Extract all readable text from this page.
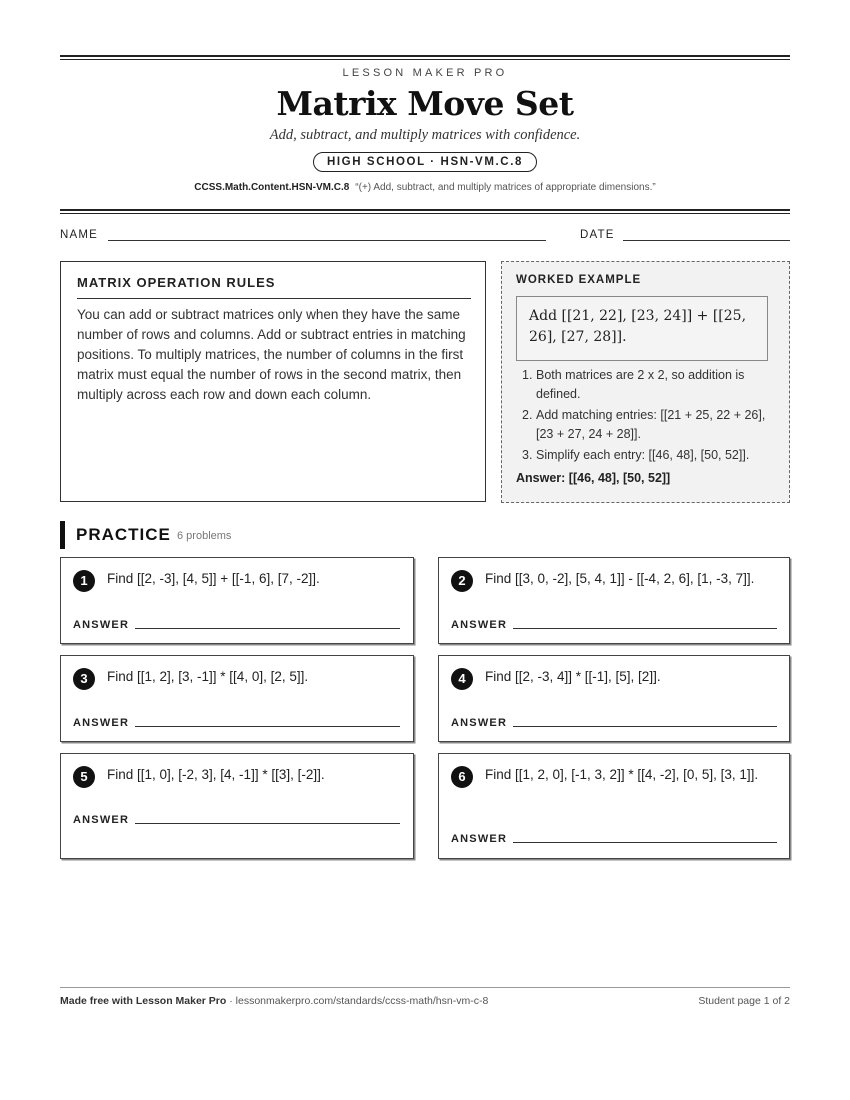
LESSON MAKER PRO
Matrix Move Set
Add, subtract, and multiply matrices with confidence.
HIGH SCHOOL · HSN-VM.C.8
CCSS.Math.Content.HSN-VM.C.8 “(+) Add, subtract, and multiply matrices of appropriate dimensions.”
NAME	DATE
MATRIX OPERATION RULES
You can add or subtract matrices only when they have the same number of rows and columns. Add or subtract entries in matching positions. To multiply matrices, the number of columns in the first matrix must equal the number of rows in the second matrix, then multiply across each row and down each column.
WORKED EXAMPLE
Add [[21, 22], [23, 24]] + [[25, 26], [27, 28]].
1. Both matrices are 2 x 2, so addition is defined.
2. Add matching entries: [[21 + 25, 22 + 26], [23 + 27, 24 + 28]].
3. Simplify each entry: [[46, 48], [50, 52]].
Answer: [[46, 48], [50, 52]]
PRACTICE 6 problems
1	Find [[2, -3], [4, 5]] + [[-1, 6], [7, -2]].
ANSWER
2	Find [[3, 0, -2], [5, 4, 1]] - [[-4, 2, 6], [1, -3, 7]].
ANSWER
3	Find [[1, 2], [3, -1]] * [[4, 0], [2, 5]].
ANSWER
4	Find [[2, -3, 4]] * [[-1], [5], [2]].
ANSWER
5	Find [[1, 0], [-2, 3], [4, -1]] * [[3], [-2]].
ANSWER
6	Find [[1, 2, 0], [-1, 3, 2]] * [[4, -2], [0, 5], [3, 1]].
ANSWER
Made free with Lesson Maker Pro · lessonmakerpro.com/standards/ccss-math/hsn-vm-c-8	Student page 1 of 2
